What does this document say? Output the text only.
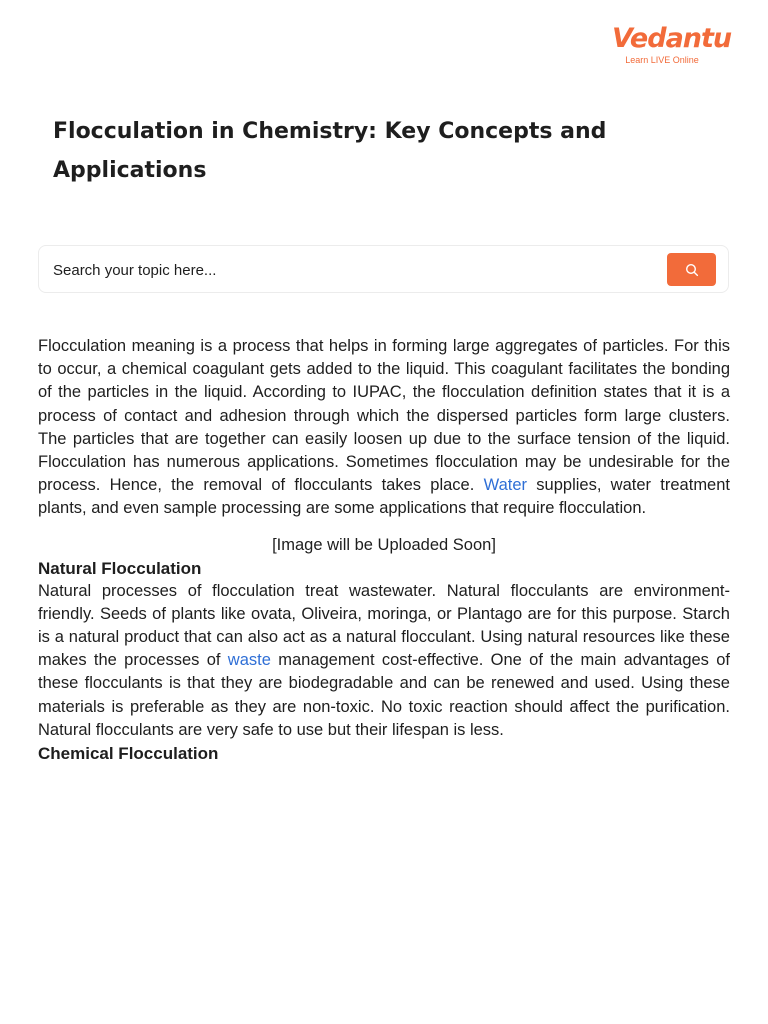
Vedantu
Learn LIVE Online
Flocculation in Chemistry: Key Concepts and Applications
Search your topic here...

Flocculation meaning is a process that helps in forming large aggregates of particles. For this to occur, a chemical coagulant gets added to the liquid. This coagulant facilitates the bonding of the particles in the liquid. According to IUPAC, the flocculation definition states that it is a process of contact and adhesion through which the dispersed particles form large clusters. The particles that are together can easily loosen up due to the surface tension of the liquid. Flocculation has numerous applications. Sometimes flocculation may be undesirable for the process. Hence, the removal of flocculants takes place. Water supplies, water treatment plants, and even sample processing are some applications that require flocculation.

[Image will be Uploaded Soon]
Natural Flocculation

Natural processes of flocculation treat wastewater. Natural flocculants are environment-friendly. Seeds of plants like ovata, Oliveira, moringa, or Plantago are for this purpose. Starch is a natural product that can also act as a natural flocculant. Using natural resources like these makes the processes of waste management cost-effective. One of the main advantages of these flocculants is that they are biodegradable and can be renewed and used. Using these materials is preferable as they are non-toxic. No toxic reaction should affect the purification. Natural flocculants are very safe to use but their lifespan is less.

Chemical Flocculation
